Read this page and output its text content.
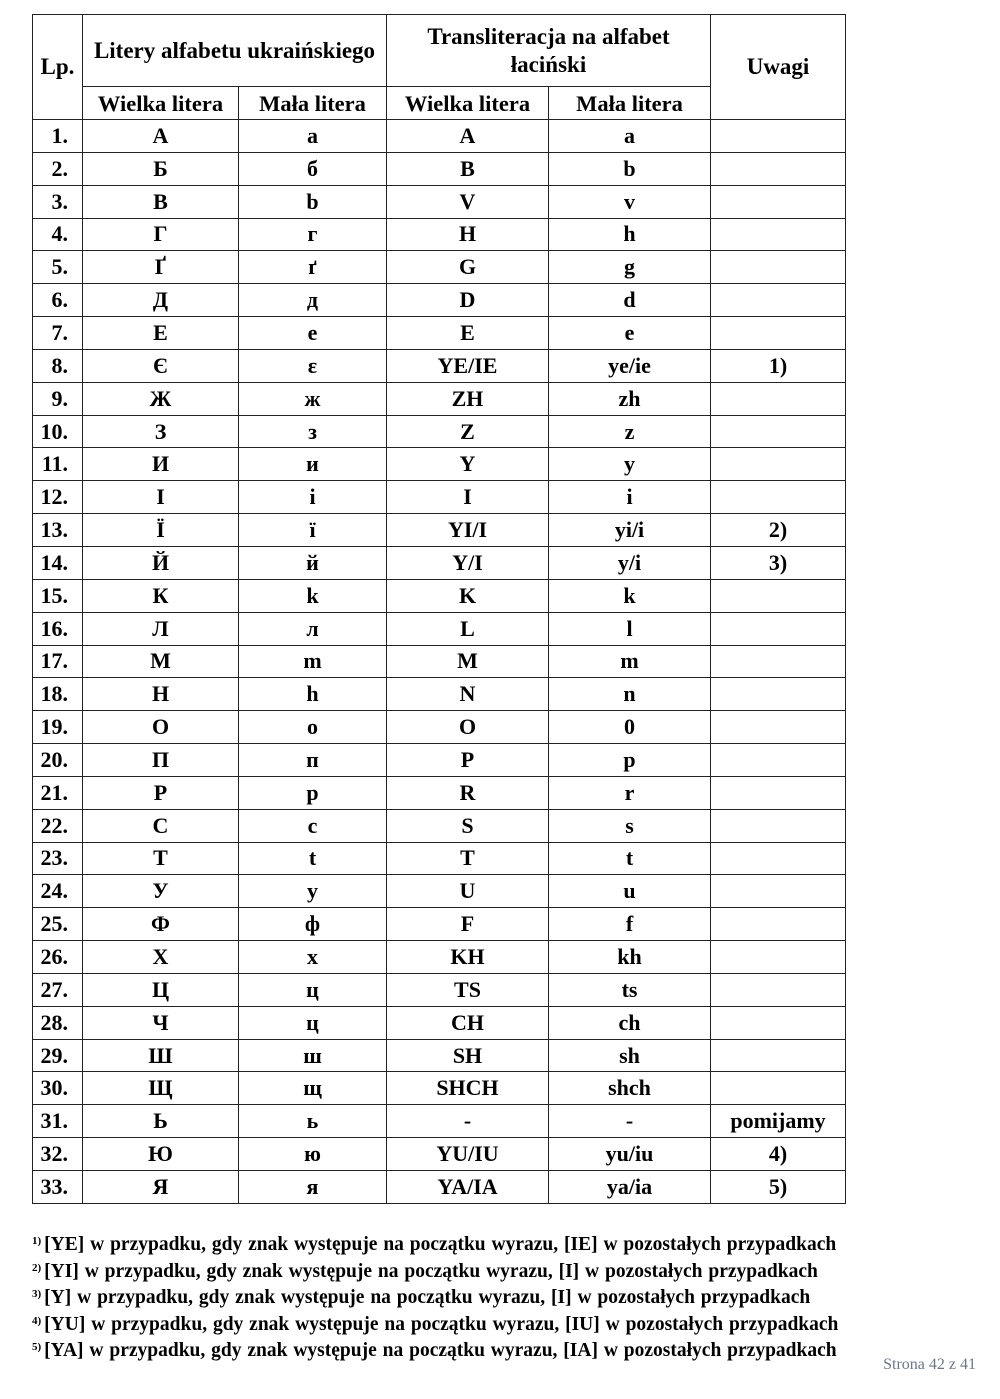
Lp.	Litery alfabetu ukraińskiego		Transliteracja na alfabet łaciński		Uwagi
	Wielka litera	Mała litera	Wielka litera	Mała litera	
1.	А	а	A	a	
2.	Б	б	B	b	
3.	В	b	V	v	
4.	Г	г	H	h	
5.	Ґ	ґ	G	g	
6.	Д	д	D	d	
7.	Е	е	E	e	
8.	Є	ε	YE/IE	ye/ie	1)
9.	Ж	ж	ZH	zh	
10.	З	з	Z	z	
11.	И	и	Y	y	
12.	І	і	I	i	
13.	Ї	ї	YI/I	yi/i	2)
14.	Й	й	Y/I	y/i	3)
15.	К	k	K	k	
16.	Л	л	L	l	
17.	М	m	M	m	
18.	Н	h	N	n	
19.	О	о	O	0	
20.	П	п	P	p	
21.	Р	р	R	r	
22.	С	с	S	s	
23.	Т	t	T	t	
24.	У	у	U	u	
25.	Ф	ф	F	f	
26.	Х	х	KH	kh	
27.	Ц	ц	TS	ts	
28.	Ч	ц	CH	ch	
29.	Ш	ш	SH	sh	
30.	Щ	щ	SHCH	shch	
31.	Ь	ь	-	-	pomijamy
32.	Ю	ю	YU/IU	yu/iu	4)
33.	Я	я	YA/IA	ya/ia	5)
$^{1)}$ [YE] w przypadku, gdy znak występuje na początku wyrazu, [IE] w pozostałych przypadkach
$^{2)}$ [YI] w przypadku, gdy znak występuje na początku wyrazu, [I] w pozostałych przypadkach
$^{3)}$ [Y] w przypadku, gdy znak występuje na początku wyrazu, [I] w pozostałych przypadkach
$^{4)}$ [YU] w przypadku, gdy znak występuje na początku wyrazu, [IU] w pozostałych przypadkach
$^{5)}$ [YA] w przypadku, gdy znak występuje na początku wyrazu, [IA] w pozostałych przypadkach
Strona 42 z 41
